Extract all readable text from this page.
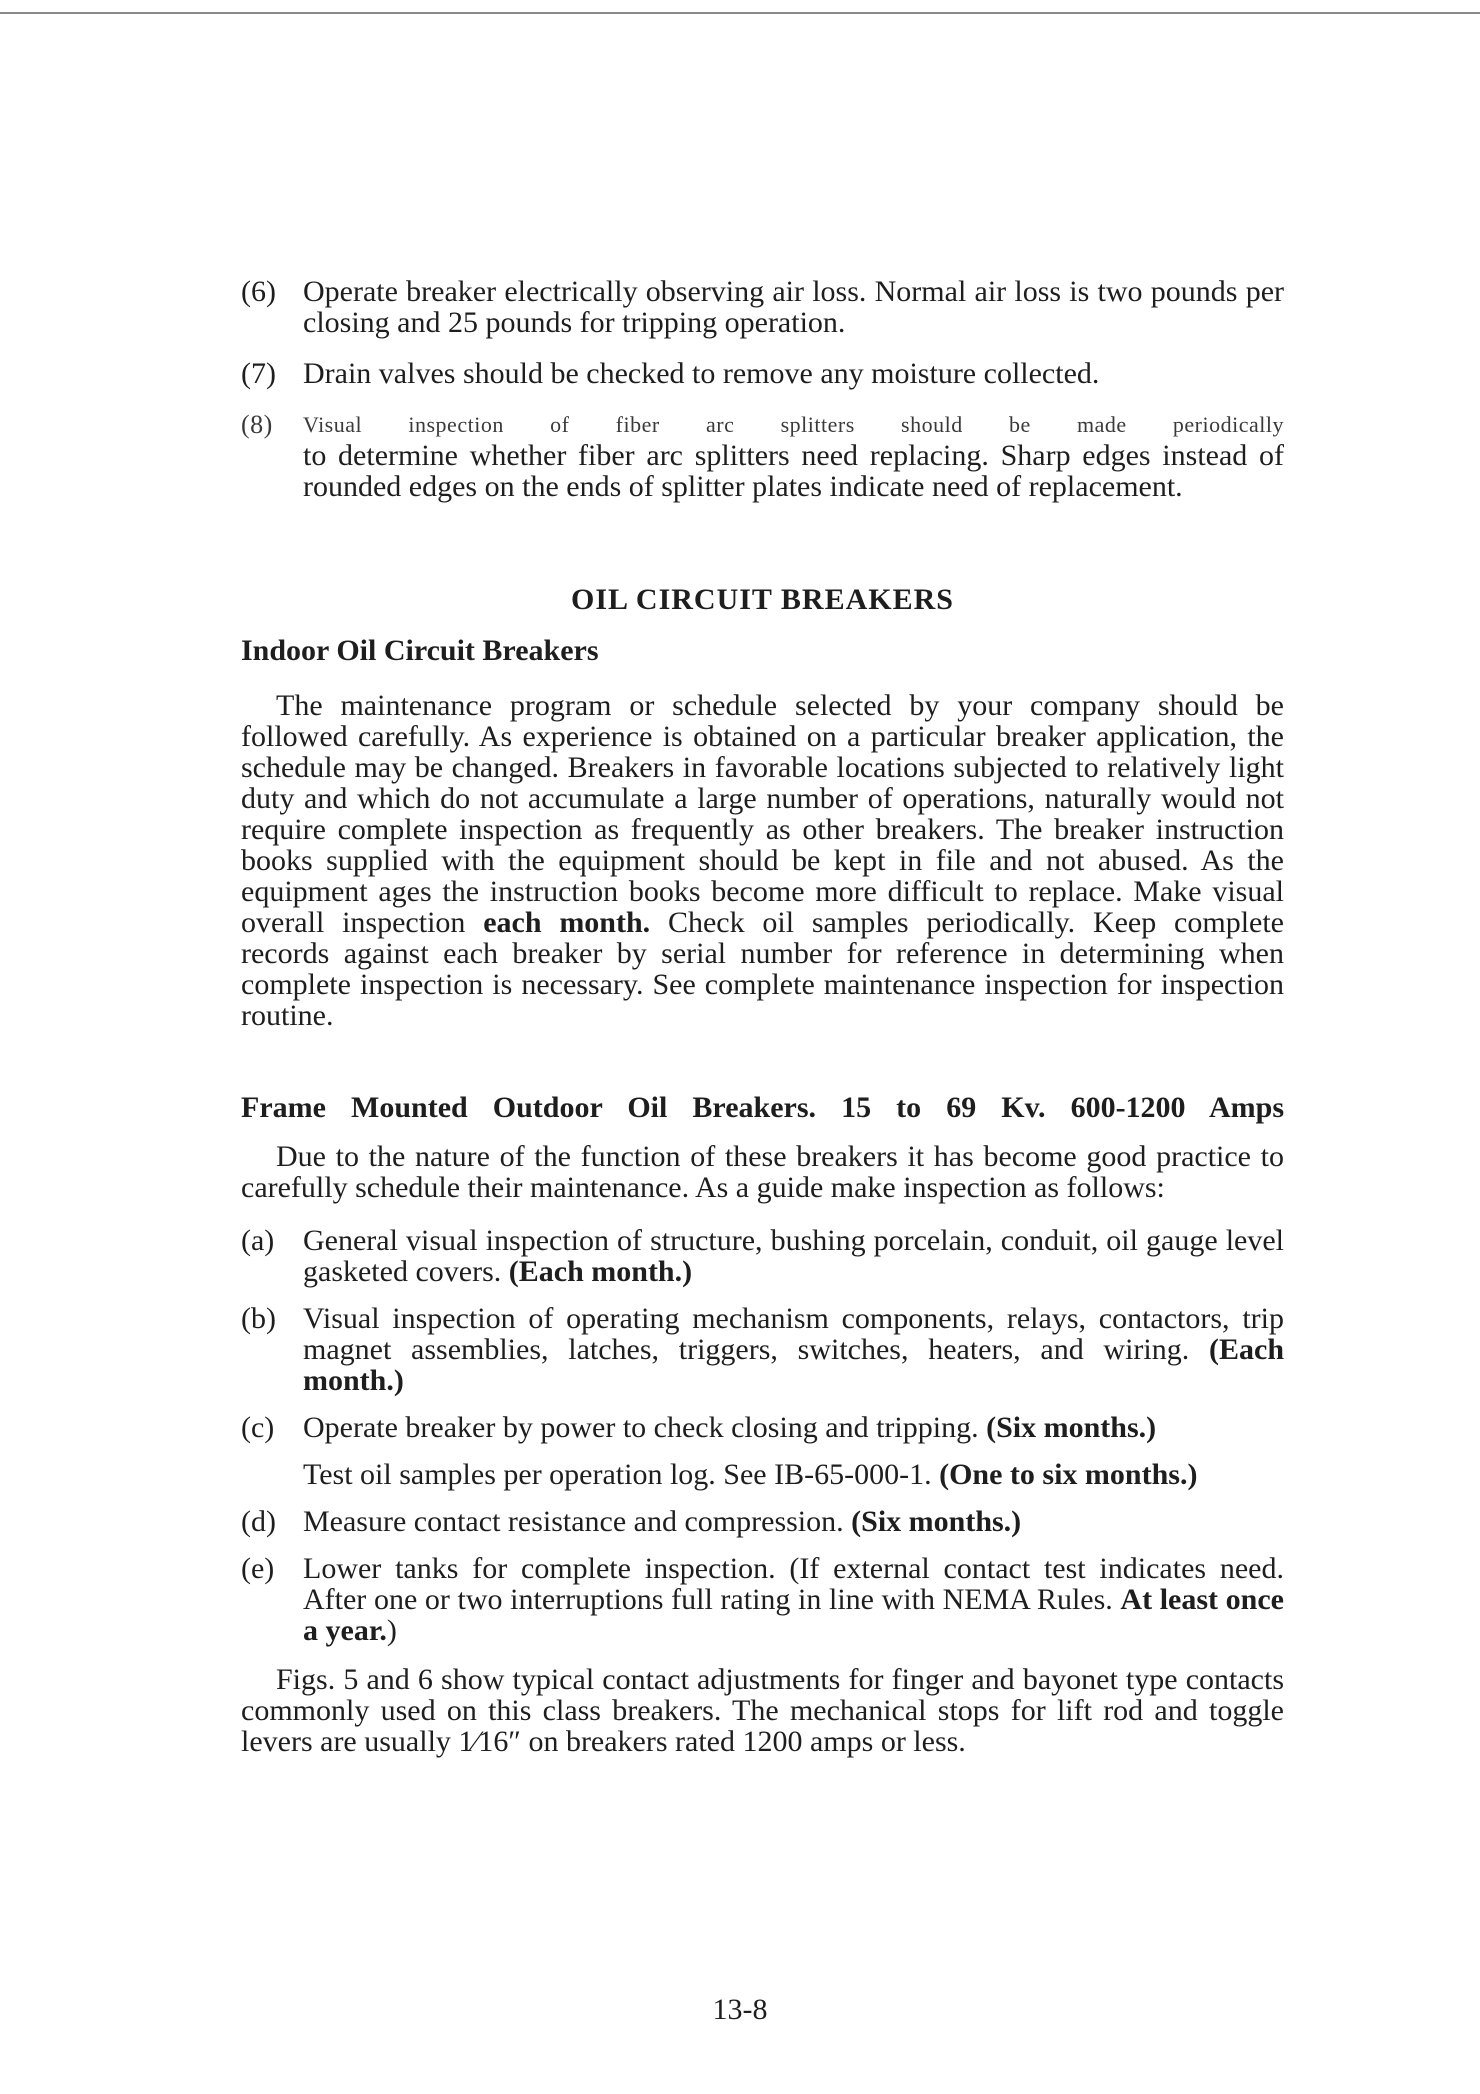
(6) Operate breaker electrically observing air loss. Normal air loss is two pounds per closing and 25 pounds for tripping operation.
(7) Drain valves should be checked to remove any moisture collected.
(8)	Visual inspection of fiber arc splitters should be made periodically
to determine whether fiber arc splitters need replacing. Sharp edges instead of rounded edges on the ends of splitter plates indicate need of replacement.

OIL CIRCUIT BREAKERS

Indoor Oil Circuit Breakers

The maintenance program or schedule selected by your company should be followed carefully. As experience is obtained on a particular breaker application, the schedule may be changed. Breakers in favorable locations subjected to relatively light duty and which do not accumulate a large number of operations, naturally would not require complete inspection as frequently as other breakers. The breaker instruction books supplied with the equipment should be kept in file and not abused. As the equipment ages the instruction books become more difficult to replace. Make visual overall inspection each month. Check oil samples periodically. Keep complete records against each breaker by serial number for reference in determining when complete inspection is necessary. See complete maintenance inspection for inspection routine.

Frame Mounted Outdoor Oil Breakers. 15 to 69 Kv. 600-1200 Amps

Due to the nature of the function of these breakers it has become good practice to carefully schedule their maintenance. As a guide make inspection as follows:

(a) General visual inspection of structure, bushing porcelain, conduit, oil gauge level gasketed covers. (Each month.)
(b) Visual inspection of operating mechanism components, relays, contactors, trip magnet assemblies, latches, triggers, switches, heaters, and wiring. (Each month.)
(c) Operate breaker by power to check closing and tripping. (Six months.)

Test oil samples per operation log. See IB-65-000-1. (One to six months.)

(d) Measure contact resistance and compression. (Six months.)
(e) Lower tanks for complete inspection. (If external contact test indicates need. After one or two interruptions full rating in line with NEMA Rules. At least once a year.)

Figs. 5 and 6 show typical contact adjustments for finger and bayonet type contacts commonly used on this class breakers. The mechanical stops for lift rod and toggle levers are usually 1⁄16″ on breakers rated 1200 amps or less.

13-8
